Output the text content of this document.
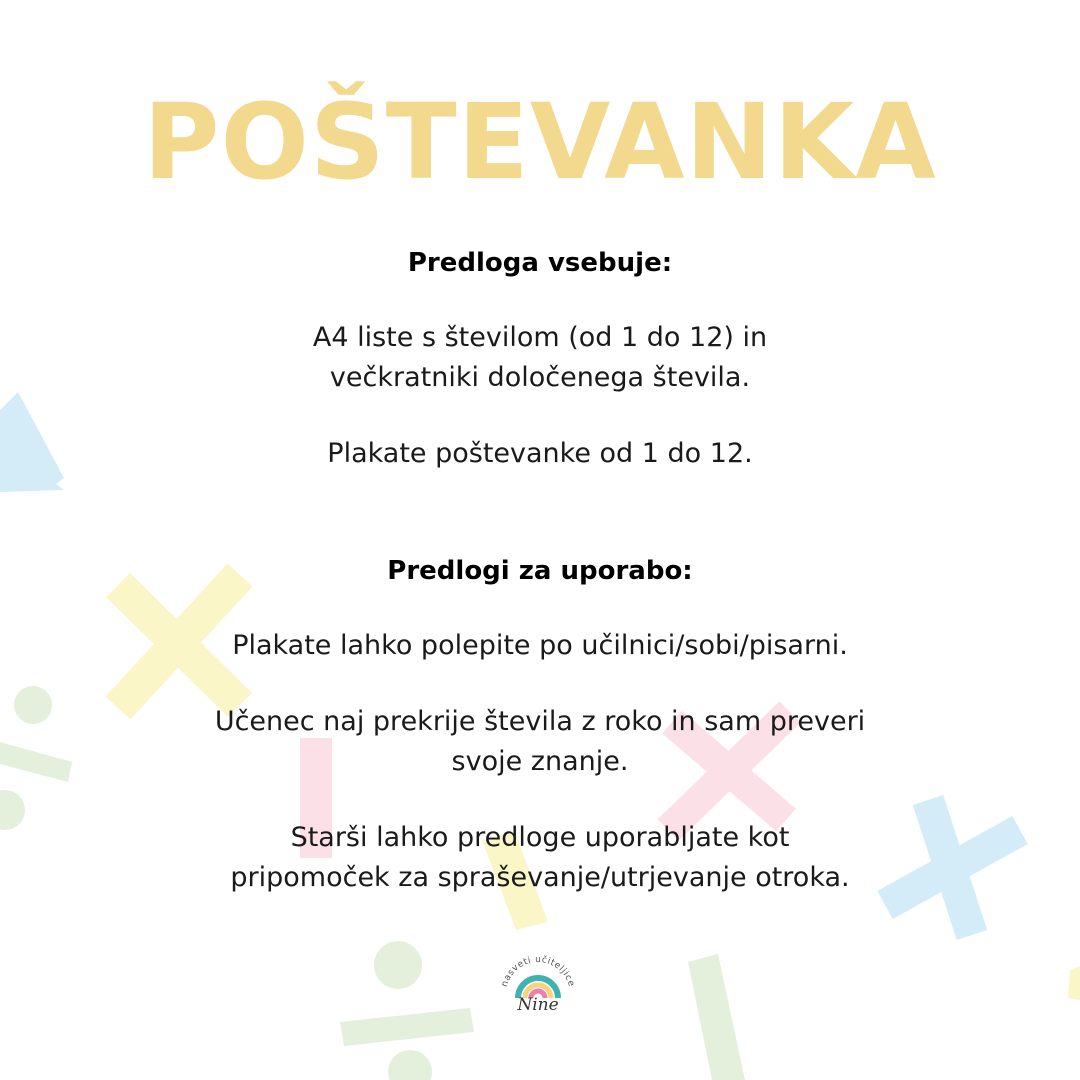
POŠTEVANKA
Predloga vsebuje:
A4 liste s številom (od 1 do 12) in
večkratniki določenega števila.
Plakate poštevanke od 1 do 12.
Predlogi za uporabo:
Plakate lahko polepite po učilnici/sobi/pisarni.
Učenec naj prekrije števila z roko in sam preveri
svoje znanje.
Starši lahko predloge uporabljate kot
pripomoček za spraševanje/utrjevanje otroka.
nasveti učiteljice
Nine
